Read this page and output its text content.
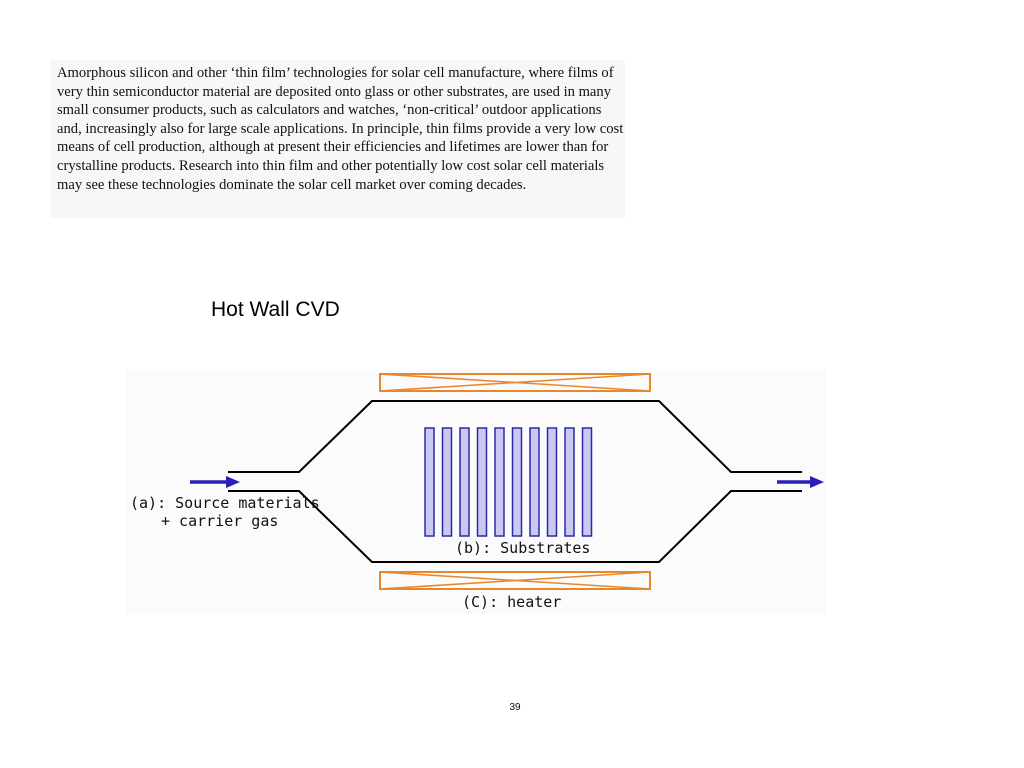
Amorphous silicon and other ‘thin film’ technologies for solar cell manufacture, where films of very thin semiconductor material are deposited onto glass or other substrates, are used in many small consumer products, such as calculators and watches, ‘non-critical’ outdoor applications and, increasingly also for large scale applications. In principle, thin films provide a very low cost means of cell production, although at present their efficiencies and lifetimes are lower than for crystalline products. Research into thin film and other potentially low cost solar cell materials may see these technologies dominate the solar cell market over coming decades.

Hot Wall CVD
(a): Source materials
+ carrier gas
(b): Substrates
(C): heater
39
